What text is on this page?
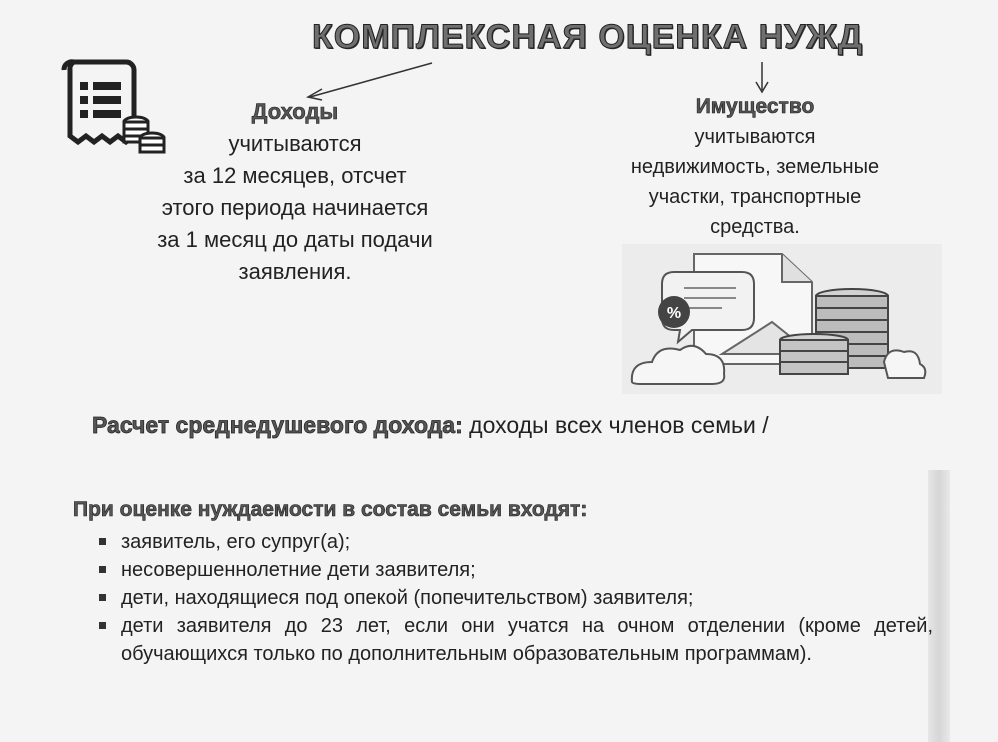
КОМПЛЕКСНАЯ ОЦЕНКА НУЖД
Доходы
учитываются
за 12 месяцев, отсчет
этого периода начинается
за 1 месяц до даты подачи
заявления.
Имущество
учитываются
недвижимость, земельные
участки, транспортные
средства.
%
Расчет среднедушевого дохода: доходы всех членов семьи /
При оценке нуждаемости в состав семьи входят:
заявитель, его супруг(а);
несовершеннолетние дети заявителя;
дети, находящиеся под опекой (попечительством) заявителя;
дети заявителя до 23 лет, если они учатся на очном отделении (кроме детей, обучающихся только по дополнительным образовательным программам).
